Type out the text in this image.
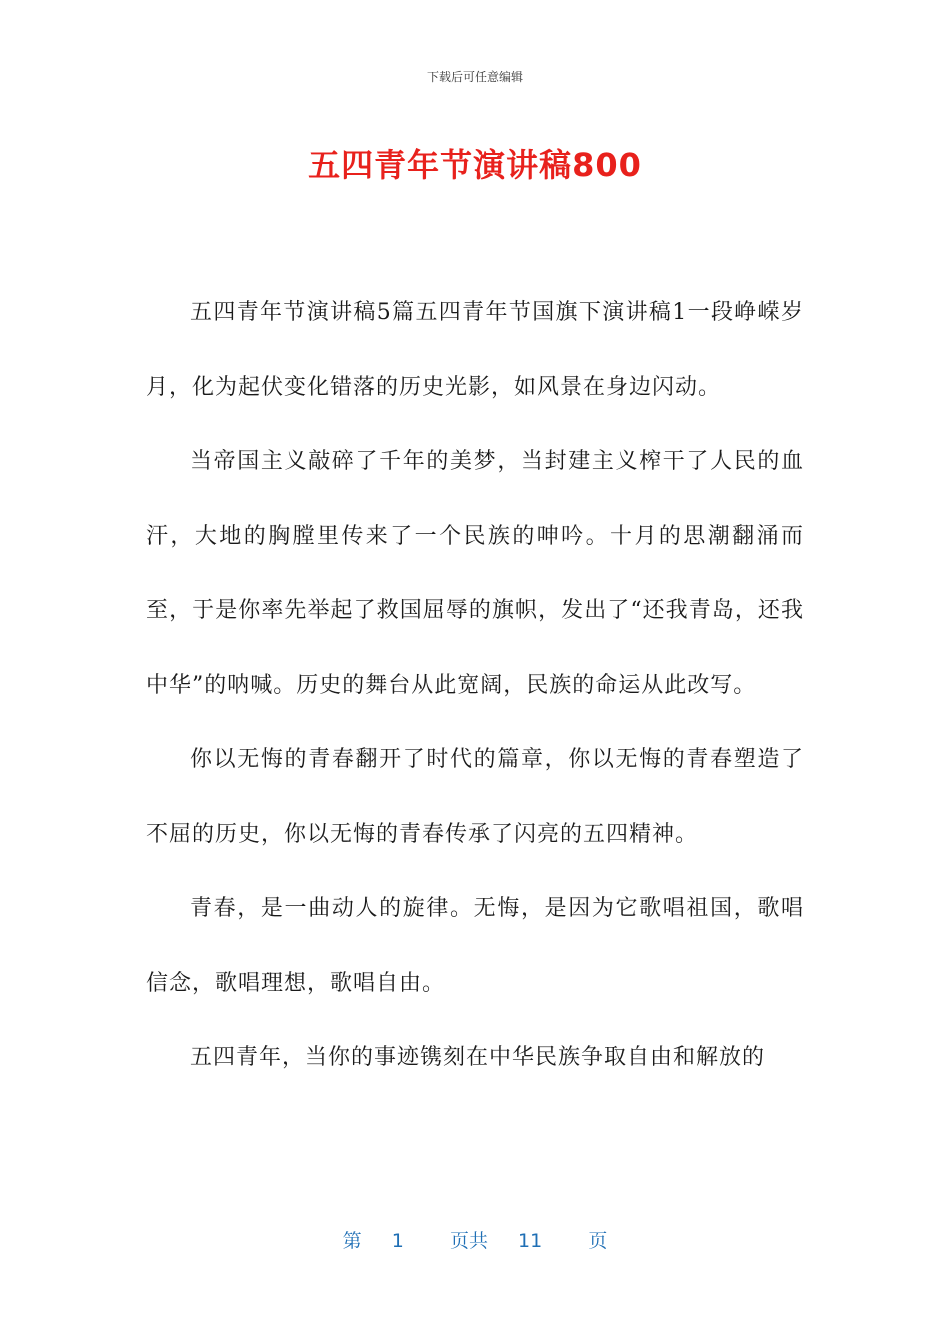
下载后可任意编辑
五四青年节演讲稿800

五四青年节演讲稿5篇五四青年节国旗下演讲稿1一段峥嵘岁月，化为起伏变化错落的历史光影，如风景在身边闪动。

当帝国主义敲碎了千年的美梦，当封建主义榨干了人民的血汗，大地的胸膛里传来了一个民族的呻吟。十月的思潮翻涌而至，于是你率先举起了救国屈辱的旗帜，发出了“还我青岛，还我中华”的呐喊。历史的舞台从此宽阔，民族的命运从此改写。

你以无悔的青春翻开了时代的篇章，你以无悔的青春塑造了不屈的历史，你以无悔的青春传承了闪亮的五四精神。

青春，是一曲动人的旋律。无悔，是因为它歌唱祖国，歌唱信念，歌唱理想，歌唱自由。

五四青年，当你的事迹镌刻在中华民族争取自由和解放的

第 1 页共 11 页
